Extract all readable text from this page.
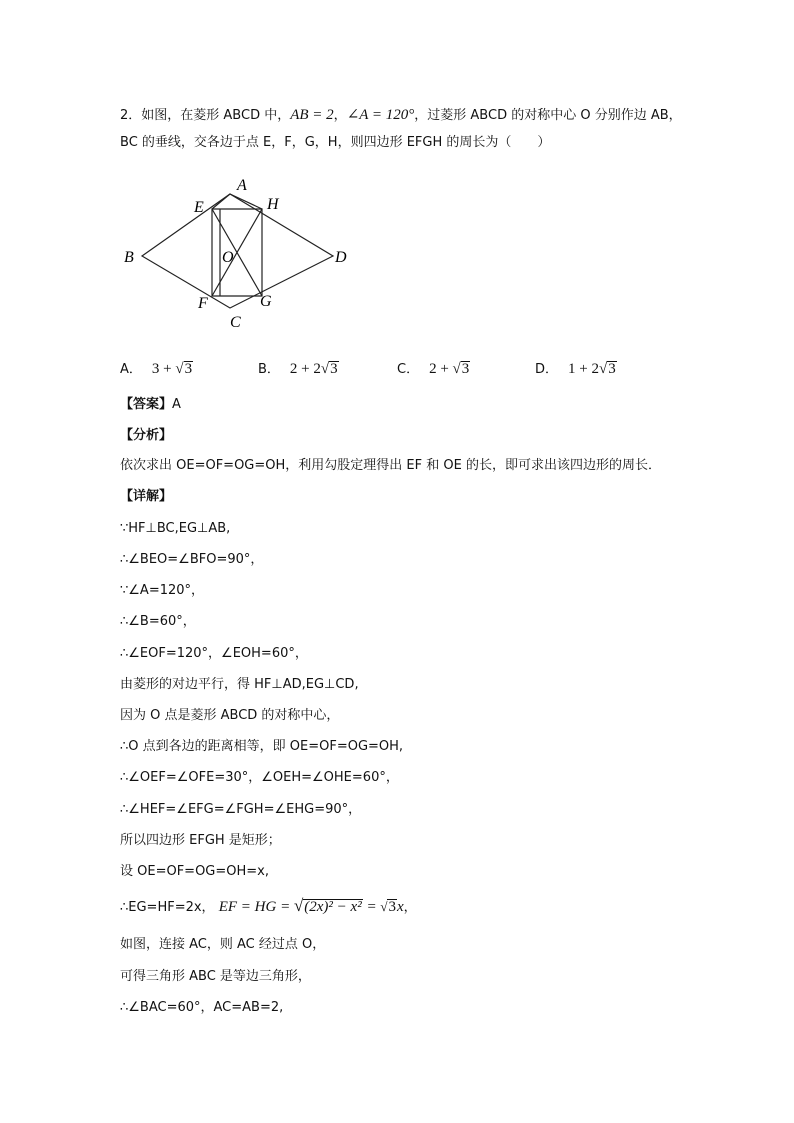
2．如图，在菱形 ABCD 中，AB = 2，∠A = 120°，过菱形 ABCD 的对称中心 O 分别作边 AB，
BC 的垂线，交各边于点 E，F，G，H，则四边形 EFGH 的周长为（　　）
A
B
C
D
E
F	G
H
O
A． 3 + √3	B． 2 + 2√3	C． 2 + √3	D． 1 + 2√3
【答案】A
【分析】
依次求出 OE=OF=OG=OH，利用勾股定理得出 EF 和 OE 的长，即可求出该四边形的周长．
【详解】
∵HF⊥BC,EG⊥AB,
∴∠BEO=∠BFO=90°，
∵∠A=120°，
∴∠B=60°，
∴∠EOF=120°，∠EOH=60°，
由菱形的对边平行，得 HF⊥AD,EG⊥CD,
因为 O 点是菱形 ABCD 的对称中心，
∴O 点到各边的距离相等，即 OE=OF=OG=OH,
∴∠OEF=∠OFE=30°，∠OEH=∠OHE=60°，
∴∠HEF=∠EFG=∠FGH=∠EHG=90°，
所以四边形 EFGH 是矩形；
设 OE=OF=OG=OH=x,
∴EG=HF=2x， EF = HG = √(2x)² − x² = √3x，
如图，连接 AC，则 AC 经过点 O，
可得三角形 ABC 是等边三角形，
∴∠BAC=60°，AC=AB=2,
